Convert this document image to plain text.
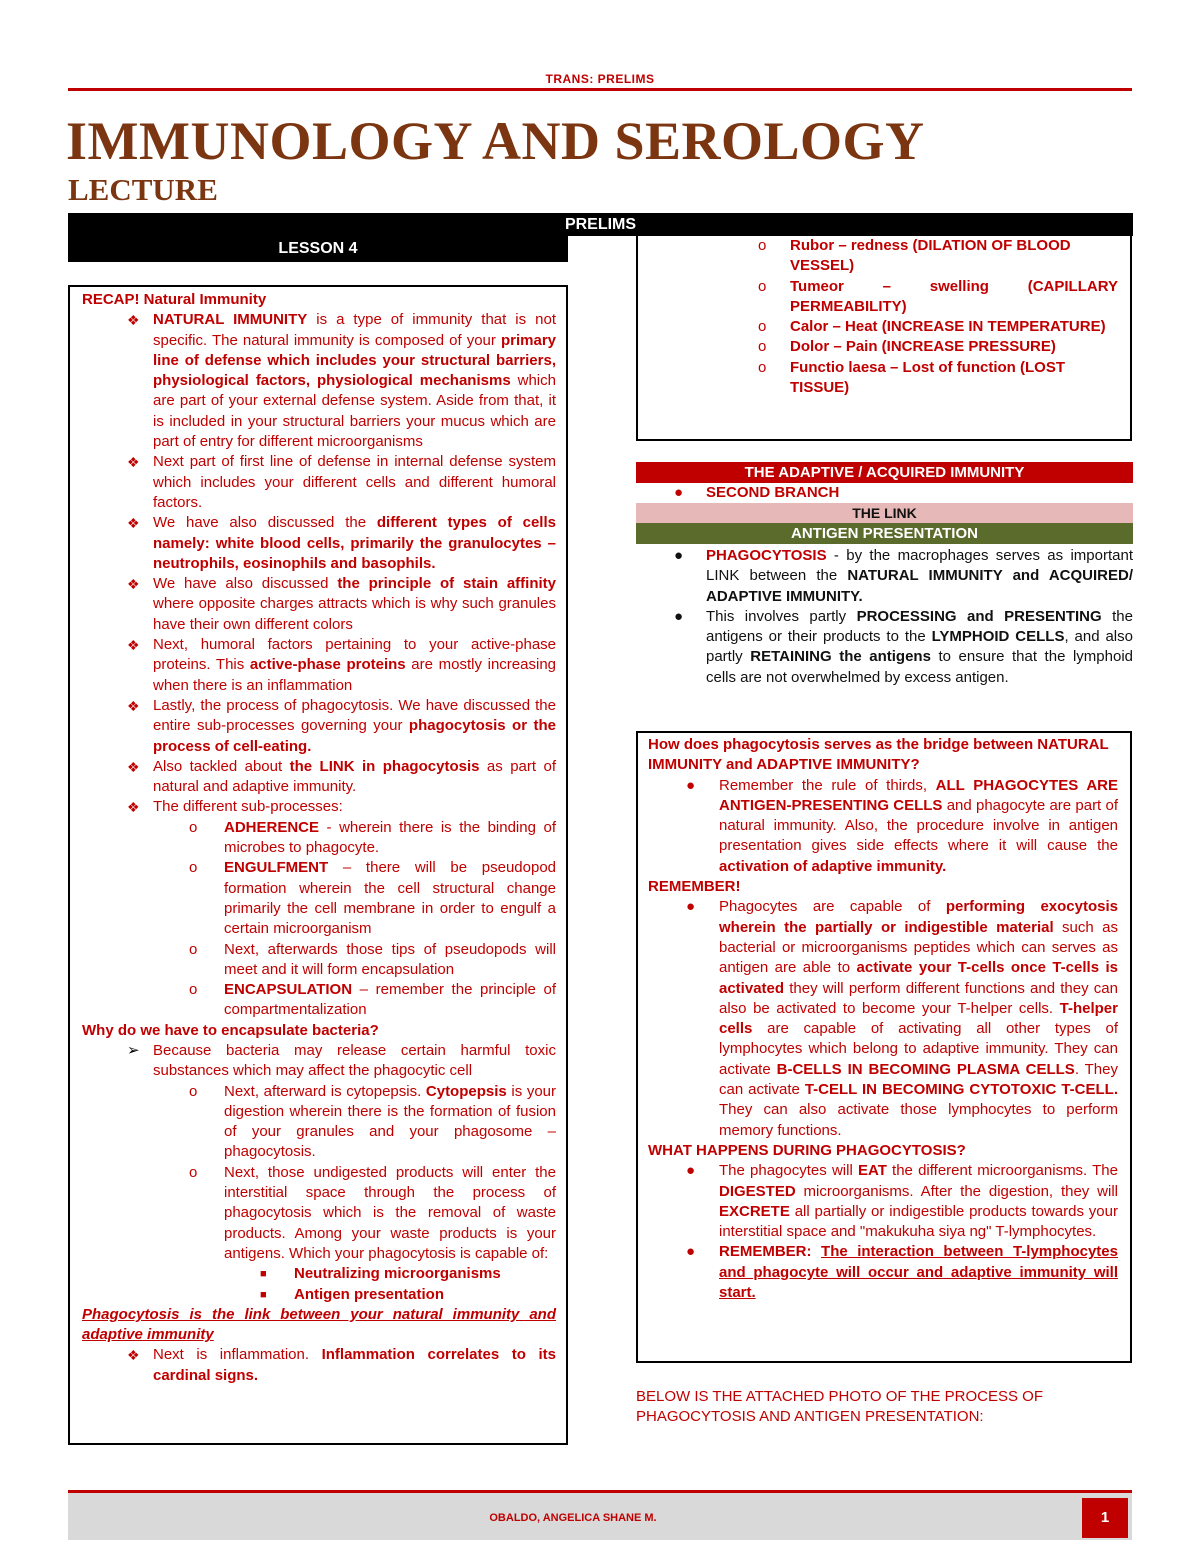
TRANS: PRELIMS
IMMUNOLOGY AND SEROLOGY
LECTURE
PRELIMS
LESSON 4
RECAP! Natural Immunity
❖ NATURAL IMMUNITY is a type of immunity that is not specific. The natural immunity is composed of your primary line of defense which includes your structural barriers, physiological factors, physiological mechanisms which are part of your external defense system. Aside from that, it is included in your structural barriers your mucus which are part of entry for different microorganisms
❖ Next part of first line of defense in internal defense system which includes your different cells and different humoral factors.
❖ We have also discussed the different types of cells namely: white blood cells, primarily the granulocytes – neutrophils, eosinophils and basophils.
❖ We have also discussed the principle of stain affinity where opposite charges attracts which is why such granules have their own different colors
❖ Next, humoral factors pertaining to your active-phase proteins. This active-phase proteins are mostly increasing when there is an inflammation
❖ Lastly, the process of phagocytosis. We have discussed the entire sub-processes governing your phagocytosis or the process of cell-eating.
❖ Also tackled about the LINK in phagocytosis as part of natural and adaptive immunity.
❖ The different sub-processes:
o ADHERENCE - wherein there is the binding of microbes to phagocyte.
o ENGULFMENT – there will be pseudopod formation wherein the cell structural change primarily the cell membrane in order to engulf a certain microorganism
o Next, afterwards those tips of pseudopods will meet and it will form encapsulation
o ENCAPSULATION – remember the principle of compartmentalization
Why do we have to encapsulate bacteria?
➢ Because bacteria may release certain harmful toxic substances which may affect the phagocytic cell
o Next, afterward is cytopepsis. Cytopepsis is your digestion wherein there is the formation of fusion of your granules and your phagosome – phagocytosis.
o Next, those undigested products will enter the interstitial space through the process of phagocytosis which is the removal of waste products. Among your waste products is your antigens. Which your phagocytosis is capable of:
■ Neutralizing microorganisms
■ Antigen presentation
Phagocytosis is the link between your natural immunity and adaptive immunity
❖ Next is inflammation. Inflammation correlates to its cardinal signs.
o Rubor – redness (DILATION OF BLOOD VESSEL)
o Tumeor – swelling (CAPILLARY PERMEABILITY)
o Calor – Heat (INCREASE IN TEMPERATURE)
o Dolor – Pain (INCREASE PRESSURE)
o Functio laesa – Lost of function (LOST TISSUE)
THE ADAPTIVE / ACQUIRED IMMUNITY
● SECOND BRANCH
THE LINK
ANTIGEN PRESENTATION
● PHAGOCYTOSIS - by the macrophages serves as important LINK between the NATURAL IMMUNITY and ACQUIRED/ ADAPTIVE IMMUNITY.
● This involves partly PROCESSING and PRESENTING the antigens or their products to the LYMPHOID CELLS, and also partly RETAINING the antigens to ensure that the lymphoid cells are not overwhelmed by excess antigen.
How does phagocytosis serves as the bridge between NATURAL IMMUNITY and ADAPTIVE IMMUNITY?
● Remember the rule of thirds, ALL PHAGOCYTES ARE ANTIGEN-PRESENTING CELLS and phagocyte are part of natural immunity. Also, the procedure involve in antigen presentation gives side effects where it will cause the activation of adaptive immunity.
REMEMBER!
● Phagocytes are capable of performing exocytosis wherein the partially or indigestible material such as bacterial or microorganisms peptides which can serves as antigen are able to activate your T-cells once T-cells is activated they will perform different functions and they can also be activated to become your T-helper cells. T-helper cells are capable of activating all other types of lymphocytes which belong to adaptive immunity. They can activate B-CELLS IN BECOMING PLASMA CELLS. They can activate T-CELL IN BECOMING CYTOTOXIC T-CELL. They can also activate those lymphocytes to perform memory functions.
WHAT HAPPENS DURING PHAGOCYTOSIS?
● The phagocytes will EAT the different microorganisms. The DIGESTED microorganisms. After the digestion, they will EXCRETE all partially or indigestible products towards your interstitial space and "makukuha siya ng" T-lymphocytes.
● REMEMBER: The interaction between T-lymphocytes and phagocyte will occur and adaptive immunity will start.
BELOW IS THE ATTACHED PHOTO OF THE PROCESS OF PHAGOCYTOSIS AND ANTIGEN PRESENTATION:
OBALDO, ANGELICA SHANE M.	1
